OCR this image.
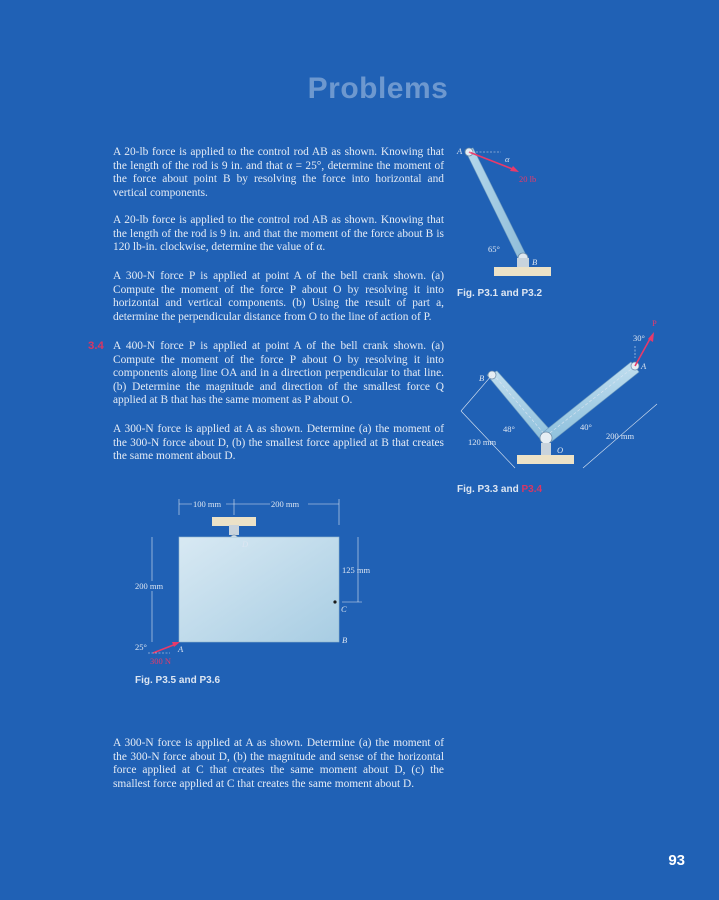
Problems

A 20-lb force is applied to the control rod AB as shown. Knowing that the length of the rod is 9 in. and that α = 25°, determine the moment of the force about point B by resolving the force into horizontal and vertical components.

A 20-lb force is applied to the control rod AB as shown. Knowing that the length of the rod is 9 in. and that the moment of the force about B is 120 lb-in. clockwise, determine the value of α.

A 300-N force P is applied at point A of the bell crank shown. (a) Compute the moment of the force P about O by resolving it into horizontal and vertical components. (b) Using the result of part a, determine the perpendicular distance from O to the line of action of P.

3.4 A 400-N force P is applied at point A of the bell crank shown. (a) Compute the moment of the force P about O by resolving it into components along line OA and in a direction perpendicular to that line. (b) Determine the magnitude and direction of the smallest force Q applied at B that has the same moment as P about O.

A 300-N force is applied at A as shown. Determine (a) the moment of the 300-N force about D, (b) the smallest force applied at B that creates the same moment about D.

A 300-N force is applied at A as shown. Determine (a) the moment of the 300-N force about D, (b) the magnitude and sense of the horizontal force applied at C that creates the same moment about D, (c) the smallest force applied at C that creates the same moment about D.

A
α
20 lb
65°
B
Fig. P3.1 and P3.2
30°
P
A
B
48°	40°
O
120 mm
200 mm
Fig. P3.3 and P3.4
100 mm	200 mm
D
200 mm
125 mm
C
B
25°	A
300 N
Fig. P3.5 and P3.6
93
